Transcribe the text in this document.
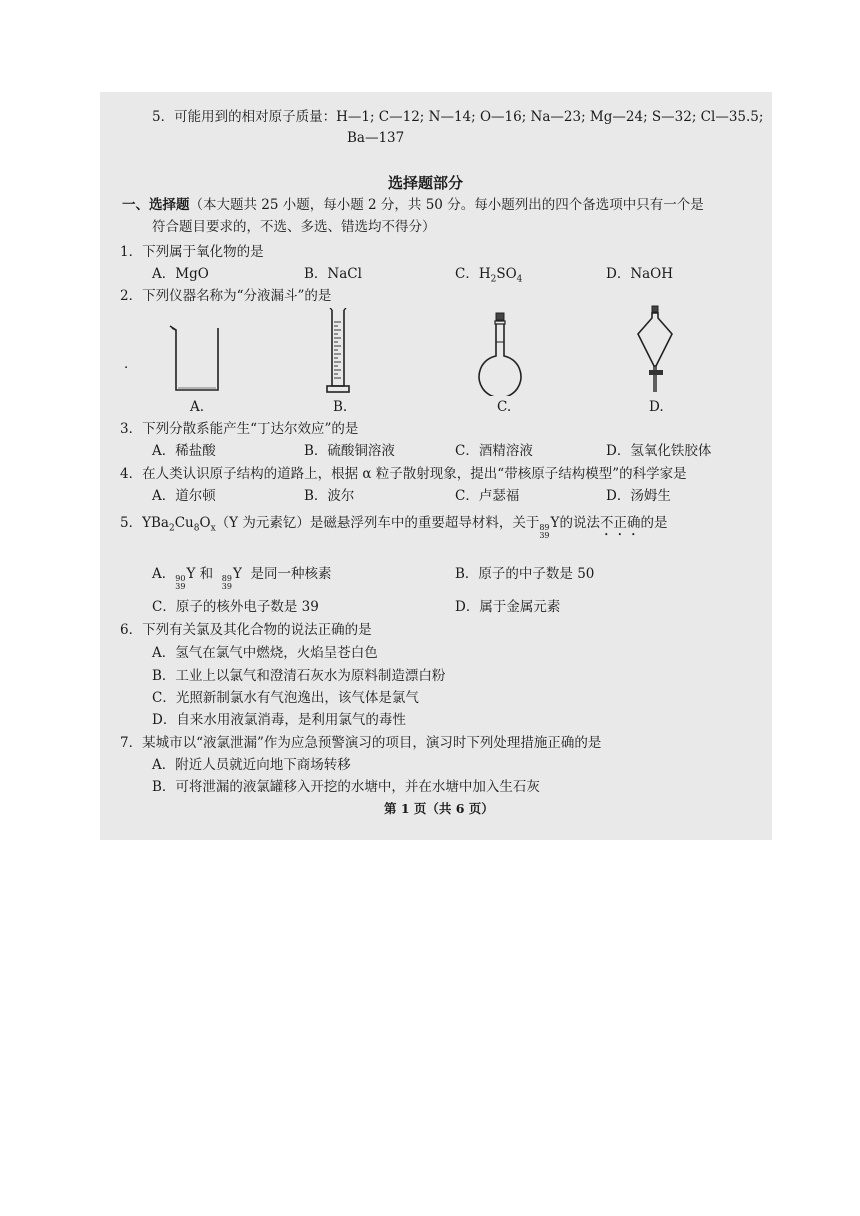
5．可能用到的相对原子质量：H—1; C—12; N—14; O—16; Na—23; Mg—24; S—32; Cl—35.5;
Ba—137
选择题部分
一、选择题（本大题共 25 小题，每小题 2 分，共 50 分。每小题列出的四个备选项中只有一个是
符合题目要求的，不选、多选、错选均不得分）
1．下列属于氧化物的是
A．MgO	B．NaCl	C．$H_2SO_4$	D．NaOH
2．下列仪器名称为“分液漏斗”的是
．
A.	B.	C.	D.
3．下列分散系能产生“丁达尔效应”的是
A．稀盐酸	B．硫酸铜溶液	C．酒精溶液	D．氢氧化铁胶体
4．在人类认识原子结构的道路上，根据 α 粒子散射现象，提出“带核原子结构模型”的科学家是
A．道尔顿	B．波尔	C．卢瑟福	D．汤姆生
5．$YBa_2Cu_8O_x(Y$ 为元素钇）是磁悬浮列车中的重要超导材料，关于 89
39
Y的说法不正确的是
A． 90
39
Y 和 89
39
Y 是同一种核素	B．原子的中子数是 50
C．原子的核外电子数是 39	D．属于金属元素
6．下列有关氯及其化合物的说法正确的是
A．氢气在氯气中燃烧，火焰呈苍白色
B．工业上以氯气和澄清石灰水为原料制造漂白粉
C．光照新制氯水有气泡逸出，该气体是氯气
D．自来水用液氯消毒，是利用氯气的毒性
7．某城市以“液氯泄漏”作为应急预警演习的项目，演习时下列处理措施正确的是
A．附近人员就近向地下商场转移
B．可将泄漏的液氯罐移入开挖的水塘中，并在水塘中加入生石灰
第 1 页（共 6 页）
